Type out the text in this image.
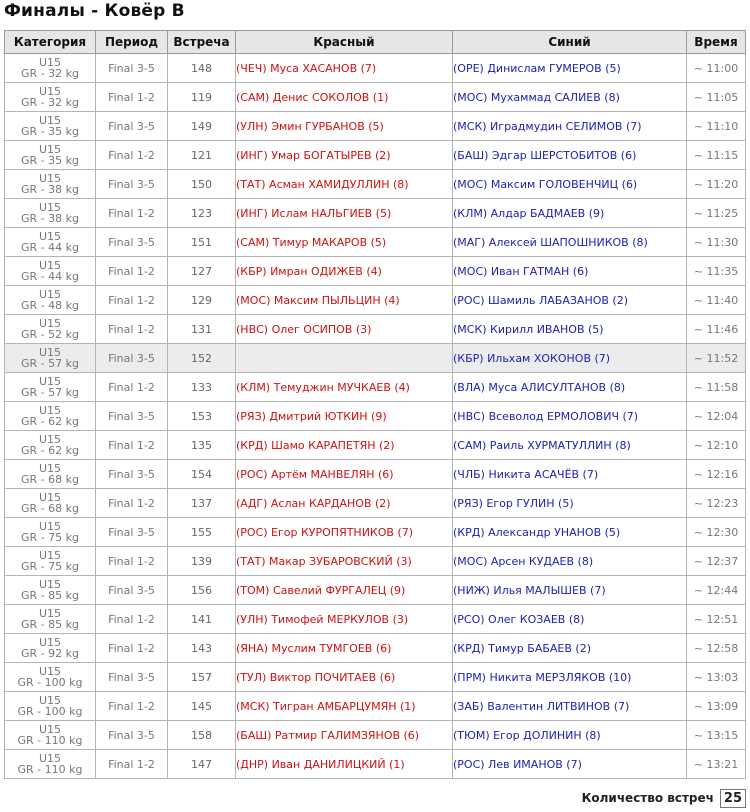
Финалы - Ковёр B
Категория	Период	Встреча	Красный	Синий	Время

U15
GR - 32 kg	Final 3-5	148	(ЧЕЧ) Муса ХАСАНОВ (7)	(ОРЕ) Динислам ГУМЕРОВ (5)	~ 11:00

U15
GR - 32 kg	Final 1-2	119	(САМ) Денис СОКОЛОВ (1)	(МОС) Мухаммад САЛИЕВ (8)	~ 11:05

U15
GR - 35 kg	Final 3-5	149	(УЛН) Эмин ГУРБАНОВ (5)	(МСК) Иградмудин СЕЛИМОВ (7)	~ 11:10

U15
GR - 35 kg	Final 1-2	121	(ИНГ) Умар БОГАТЫРЕВ (2)	(БАШ) Эдгар ШЕРСТОБИТОВ (6)	~ 11:15

U15
GR - 38 kg	Final 3-5	150	(ТАТ) Асман ХАМИДУЛЛИН (8)	(МОС) Максим ГОЛОВЕНЧИЦ (6)	~ 11:20

U15
GR - 38 kg	Final 1-2	123	(ИНГ) Ислам НАЛЬГИЕВ (5)	(КЛМ) Алдар БАДМАЕВ (9)	~ 11:25

U15
GR - 44 kg	Final 3-5	151	(САМ) Тимур МАКАРОВ (5)	(МАГ) Алексей ШАПОШНИКОВ (8)	~ 11:30

U15
GR - 44 kg	Final 1-2	127	(КБР) Имран ОДИЖЕВ (4)	(МОС) Иван ГАТМАН (6)	~ 11:35

U15
GR - 48 kg	Final 1-2	129	(МОС) Максим ПЫЛЬЦИН (4)	(РОС) Шамиль ЛАБАЗАНОВ (2)	~ 11:40

U15
GR - 52 kg	Final 1-2	131	(НВС) Олег ОСИПОВ (3)	(МСК) Кирилл ИВАНОВ (5)	~ 11:46

U15
GR - 57 kg	Final 3-5	152		(КБР) Ильхам ХОКОНОВ (7)	~ 11:52

U15
GR - 57 kg	Final 1-2	133	(КЛМ) Темуджин МУЧКАЕВ (4)	(ВЛА) Муса АЛИСУЛТАНОВ (8)	~ 11:58

U15
GR - 62 kg	Final 3-5	153	(РЯЗ) Дмитрий ЮТКИН (9)	(НВС) Всеволод ЕРМОЛОВИЧ (7)	~ 12:04

U15
GR - 62 kg	Final 1-2	135	(КРД) Шамо КАРАПЕТЯН (2)	(САМ) Раиль ХУРМАТУЛЛИН (8)	~ 12:10

U15
GR - 68 kg	Final 3-5	154	(РОС) Артём МАНВЕЛЯН (6)	(ЧЛБ) Никита АСАЧЁВ (7)	~ 12:16

U15
GR - 68 kg	Final 1-2	137	(АДГ) Аслан КАРДАНОВ (2)	(РЯЗ) Егор ГУЛИН (5)	~ 12:23

U15
GR - 75 kg	Final 3-5	155	(РОС) Егор КУРОПЯТНИКОВ (7)	(КРД) Александр УНАНОВ (5)	~ 12:30

U15
GR - 75 kg	Final 1-2	139	(ТАТ) Макар ЗУБАРОВСКИЙ (3)	(МОС) Арсен КУДАЕВ (8)	~ 12:37

U15
GR - 85 kg	Final 3-5	156	(ТОМ) Савелий ФУРГАЛЕЦ (9)	(НИЖ) Илья МАЛЫШЕВ (7)	~ 12:44

U15
GR - 85 kg	Final 1-2	141	(УЛН) Тимофей МЕРКУЛОВ (3)	(РСО) Олег КОЗАЕВ (8)	~ 12:51

U15
GR - 92 kg	Final 1-2	143	(ЯНА) Муслим ТУМГОЕВ (6)	(КРД) Тимур БАБАЕВ (2)	~ 12:58

U15
GR - 100 kg	Final 3-5	157	(ТУЛ) Виктор ПОЧИТАЕВ (6)	(ПРМ) Никита МЕРЗЛЯКОВ (10)	~ 13:03

U15
GR - 100 kg	Final 1-2	145	(МСК) Тигран АМБАРЦУМЯН (1)	(ЗАБ) Валентин ЛИТВИНОВ (7)	~ 13:09

U15
GR - 110 kg	Final 3-5	158	(БАШ) Ратмир ГАЛИМЗЯНОВ (6)	(ТЮМ) Егор ДОЛИНИН (8)	~ 13:15

U15
GR - 110 kg	Final 1-2	147	(ДНР) Иван ДАНИЛИЦКИЙ (1)	(РОС) Лев ИМАНОВ (7)	~ 13:21
Количество встреч 25
